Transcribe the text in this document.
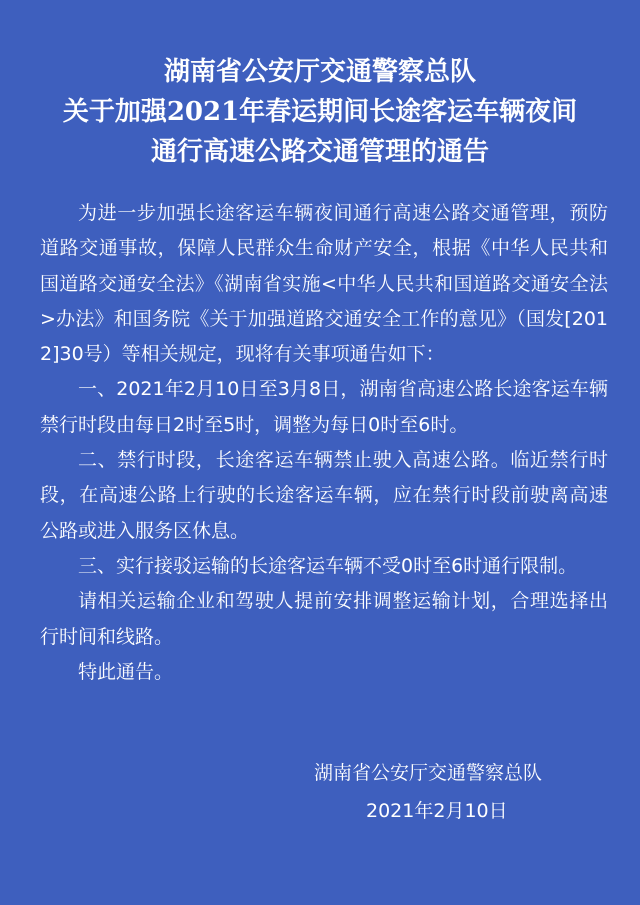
湖南省公安厅交通警察总队
关于加强2021年春运期间长途客运车辆夜间
通行高速公路交通管理的通告

为进一步加强长途客运车辆夜间通行高速公路交通管理，预防道路交通事故，保障人民群众生命财产安全，根据《中华人民共和国道路交通安全法》《湖南省实施<中华人民共和国道路交通安全法>办法》和国务院《关于加强道路交通安全工作的意见》（国发[2012]30号）等相关规定，现将有关事项通告如下：

一、2021年2月10日至3月8日，湖南省高速公路长途客运车辆禁行时段由每日2时至5时，调整为每日0时至6时。

二、禁行时段，长途客运车辆禁止驶入高速公路。临近禁行时段，在高速公路上行驶的长途客运车辆，应在禁行时段前驶离高速公路或进入服务区休息。

三、实行接驳运输的长途客运车辆不受0时至6时通行限制。

请相关运输企业和驾驶人提前安排调整运输计划，合理选择出行时间和线路。

特此通告。

湖南省公安厅交通警察总队
2021年2月10日
